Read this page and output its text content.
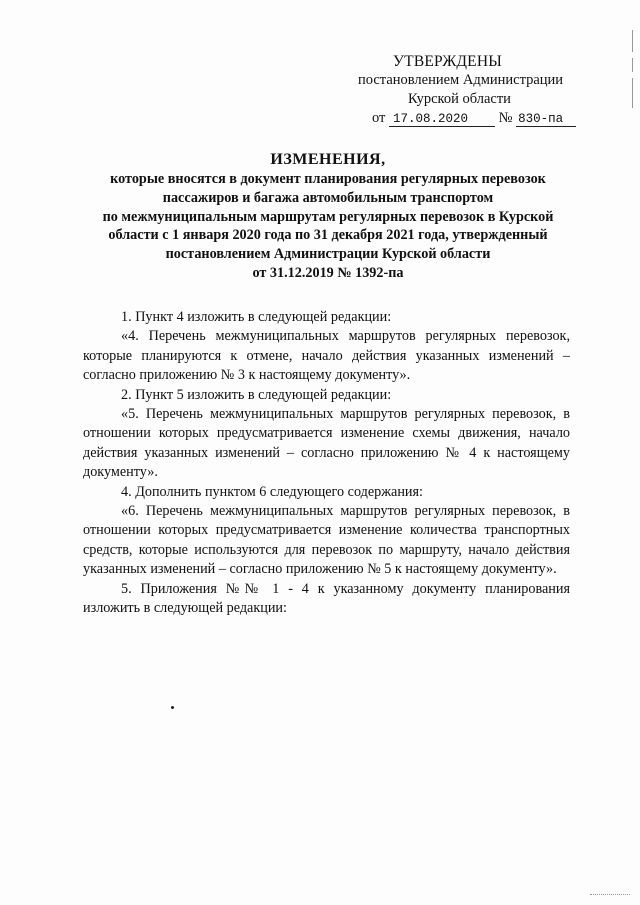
УТВЕРЖДЕНЫ
постановлением Администрации
Курской области
от 17.08.2020 № 830-па
ИЗМЕНЕНИЯ,
которые вносятся в документ планирования регулярных перевозок
пассажиров и багажа автомобильным транспортом
по межмуниципальным маршрутам регулярных перевозок в Курской
области с 1 января 2020 года по 31 декабря 2021 года, утвержденный
постановлением Администрации Курской области
от 31.12.2019 № 1392-па

1. Пункт 4 изложить в следующей редакции:

«4. Перечень межмуниципальных маршрутов регулярных перевозок, которые планируются к отмене, начало действия указанных изменений – согласно приложению № 3 к настоящему документу».

2. Пункт 5 изложить в следующей редакции:

«5. Перечень межмуниципальных маршрутов регулярных перевозок, в отношении которых предусматривается изменение схемы движения, начало действия указанных изменений – согласно приложению № 4 к настоящему документу».

4. Дополнить пунктом 6 следующего содержания:

«6. Перечень межмуниципальных маршрутов регулярных перевозок, в отношении которых предусматривается изменение количества транспортных средств, которые используются для перевозок по маршруту, начало действия указанных изменений – согласно приложению № 5 к настоящему документу».

5. Приложения №№ 1 - 4 к указанному документу планирования изложить в следующей редакции:
